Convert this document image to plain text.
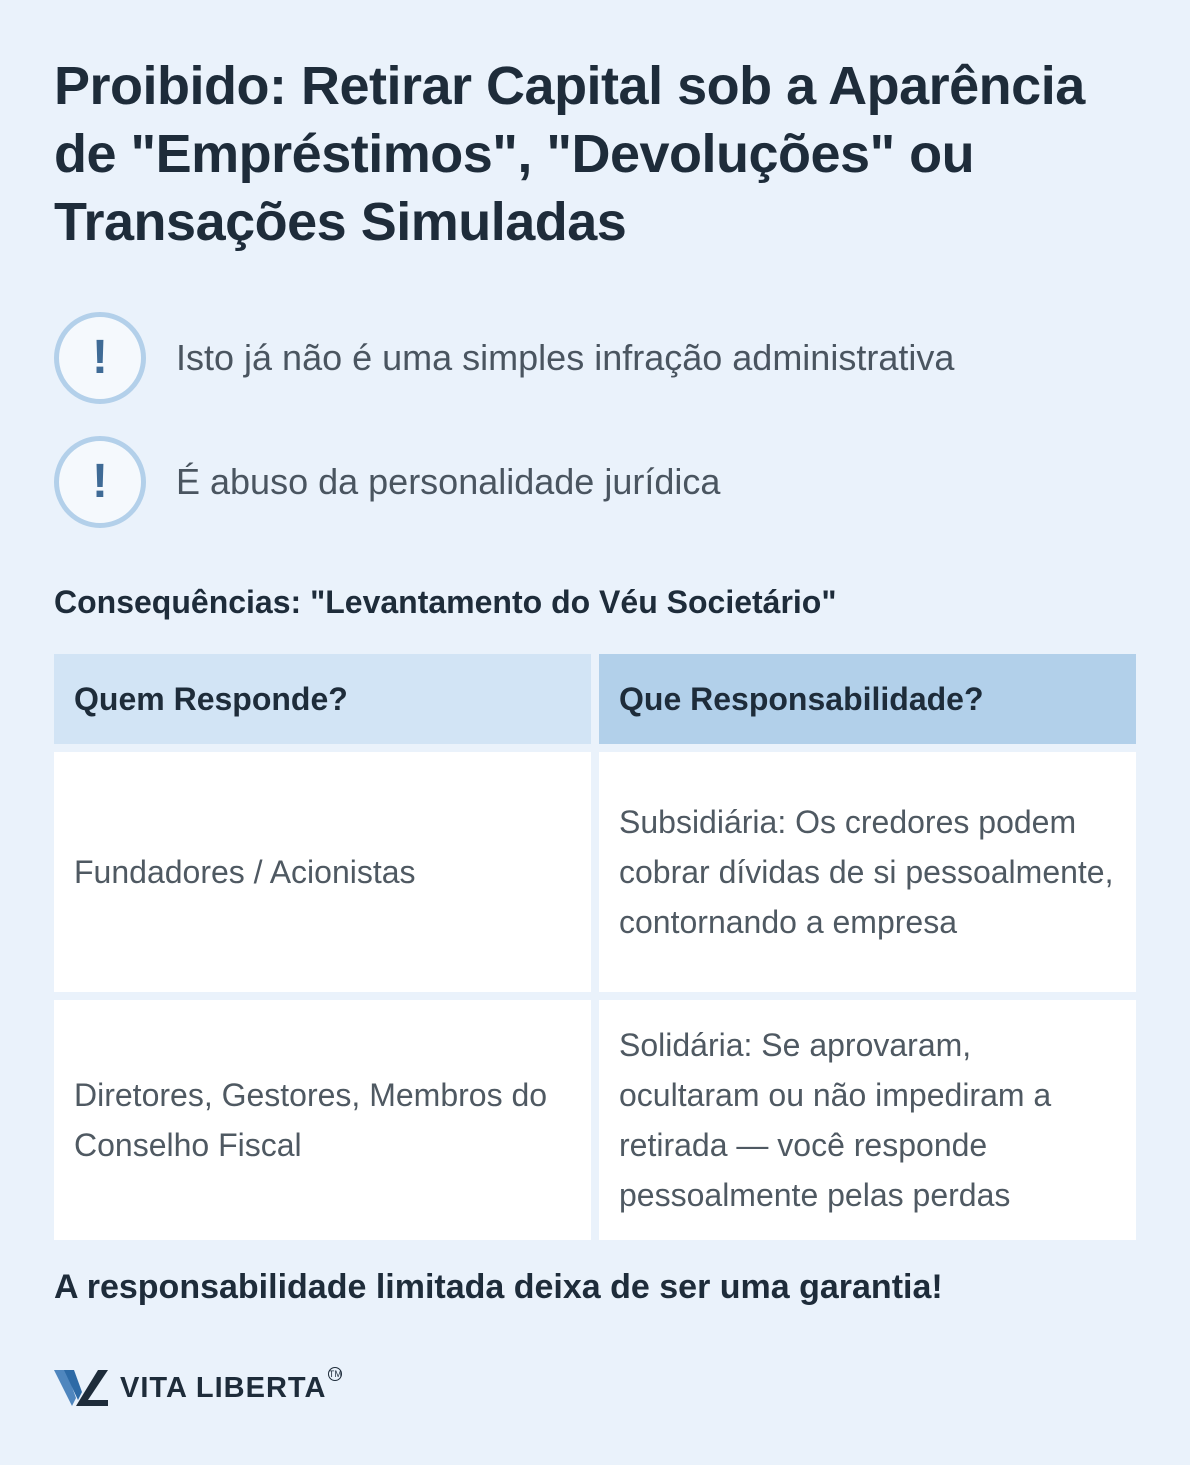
Proibido: Retirar Capital sob a Aparência de "Empréstimos", "Devoluções" ou Transações Simuladas
! Isto já não é uma simples infração administrativa
! É abuso da personalidade jurídica
Consequências: "Levantamento do Véu Societário"
Quem Responde?	Que Responsabilidade?
Fundadores / Acionistas
Subsidiária: Os credores podem cobrar dívidas de si pessoalmente, contornando a empresa
Diretores, Gestores, Membros do Conselho Fiscal
Solidária: Se aprovaram, ocultaram ou não impediram a retirada — você responde pessoalmente pelas perdas
A responsabilidade limitada deixa de ser uma garantia!
VITA LIBERTA TM
